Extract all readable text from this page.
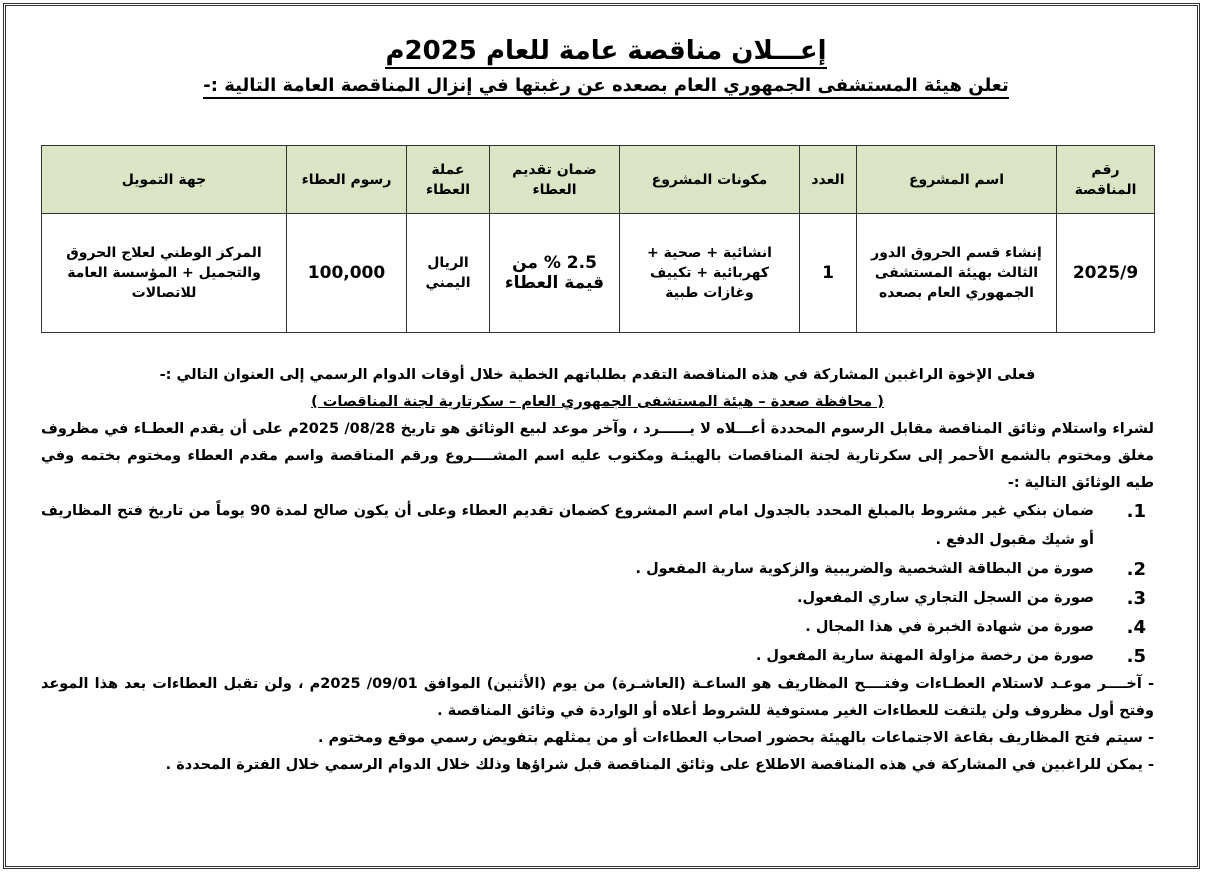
إعـــلان مناقصة عامة للعام 2025م
تعلن هيئة المستشفى الجمهوري العام بصعده عن رغبتها في إنزال المناقصة العامة التالية :-
رقم المناقصة	اسم المشروع	العدد	مكونات المشروع	ضمان تقديم العطاء	عملة العطاء	رسوم العطاء	جهة التمويل
2025/9	إنشاء قسم الحروق الدور الثالث بهيئة المستشفى الجمهوري العام بصعده	1	انشائية + صحية + كهربائية + تكييف وغازات طبية	2.5 % من قيمة العطاء	الريال اليمني	100,000	المركز الوطني لعلاج الحروق والتجميل + المؤسسة العامة للاتصالات
فعلى الإخوة الراغبين المشاركة في هذه المناقصة التقدم بطلباتهم الخطية خلال أوقات الدوام الرسمي إلى العنوان التالي :-
( محافظة صعدة – هيئة المستشفى الجمهوري العام – سكرتارية لجنة المناقصات )
لشراء واستلام وثائق المناقصة مقابل الرسوم المحددة أعـــلاه لا يــــــرد ، وآخر موعد لبيع الوثائق هو تاريخ 08/28/ 2025م على أن يقدم العطـاء في مظروف مغلق ومختوم بالشمع الأحمر إلى سكرتارية لجنة المناقصات بالهيئـة ومكتوب عليه اسم المشــــروع ورقم المناقصة واسم مقدم العطاء ومختوم بختمه وفي طيه الوثائق التالية :-
1.
ضمان بنكي غير مشروط بالمبلغ المحدد بالجدول امام اسم المشروع كضمان تقديم العطاء وعلى أن يكون صالح لمدة 90 يوماً من تاريخ فتح المظاريف أو شيك مقبول الدفع .
2.
صورة من البطاقة الشخصية والضريبية والزكوية سارية المفعول .
3.
صورة من السجل التجاري ساري المفعول.
4.
صورة من شهادة الخبرة في هذا المجال .
5.
صورة من رخصة مزاولة المهنة سارية المفعول .
- آخــــر موعـد لاستلام العطـاءات وفتــــح المظاريف هو الساعـة (العاشـرة) من يوم (الأثنين) الموافق 09/01/ 2025م ، ولن تقبل العطاءات بعد هذا الموعد وفتح أول مظروف ولن يلتفت للعطاءات الغير مستوفية للشروط أعلاه أو الواردة في وثائق المناقصة .
- سيتم فتح المظاريف بقاعة الاجتماعات بالهيئة بحضور اصحاب العطاءات أو من يمثلهم بتفويض رسمي موقع ومختوم .
- يمكن للراغبين في المشاركة في هذه المناقصة الاطلاع على وثائق المناقصة قبل شراؤها وذلك خلال الدوام الرسمي خلال الفترة المحددة .
